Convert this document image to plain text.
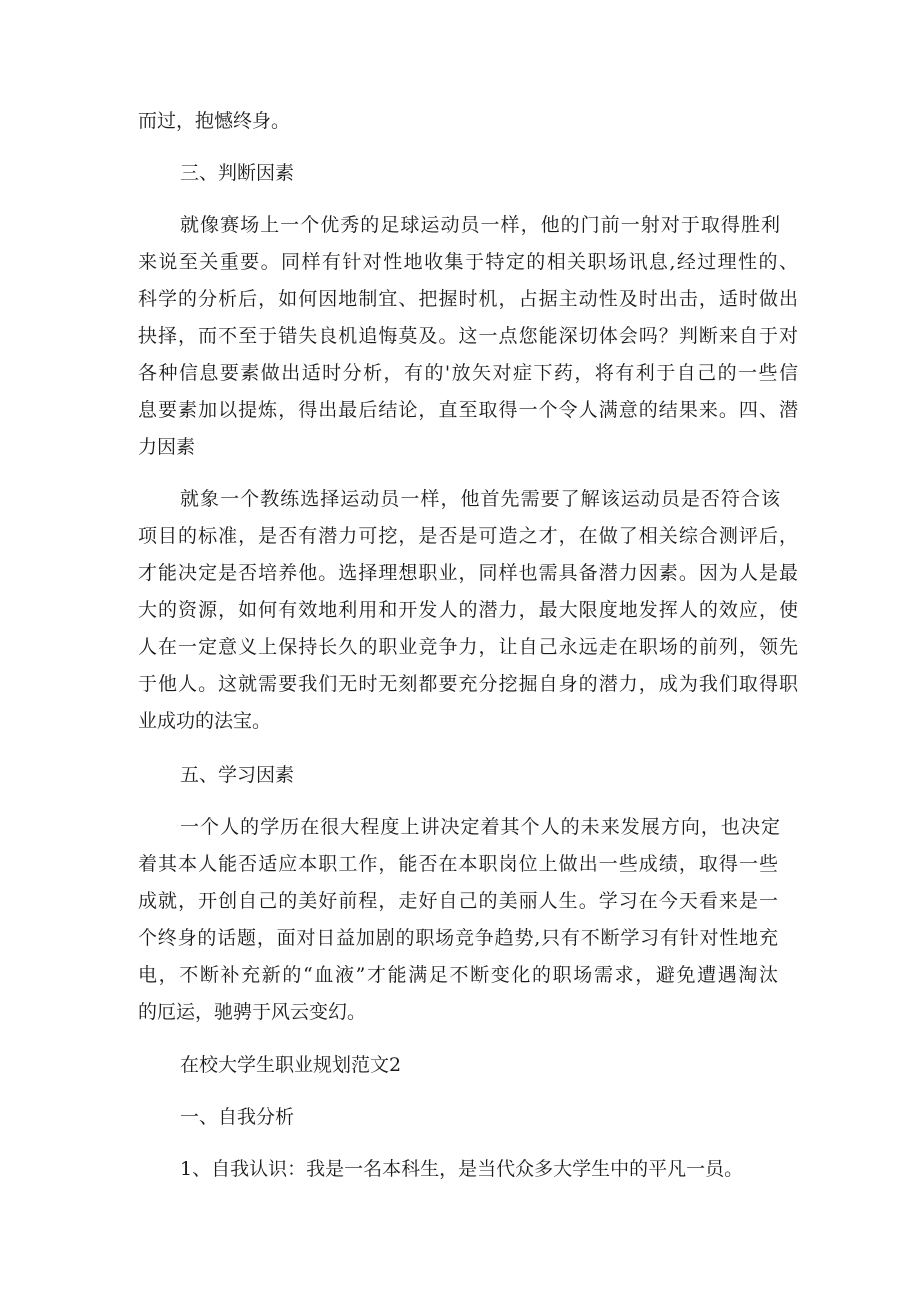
而过，抱憾终身。
三、判断因素
就像赛场上一个优秀的足球运动员一样，他的门前一射对于取得胜利
来说至关重要。同样有针对性地收集于特定的相关职场讯息,经过理性的、
科学的分析后，如何因地制宜、把握时机，占据主动性及时出击，适时做出
抉择，而不至于错失良机追悔莫及。这一点您能深切体会吗？判断来自于对
各种信息要素做出适时分析，有的'放矢对症下药，将有利于自己的一些信
息要素加以提炼，得出最后结论，直至取得一个令人满意的结果来。四、潜
力因素
就象一个教练选择运动员一样，他首先需要了解该运动员是否符合该
项目的标准，是否有潜力可挖，是否是可造之才，在做了相关综合测评后，
才能决定是否培养他。选择理想职业，同样也需具备潜力因素。因为人是最
大的资源，如何有效地利用和开发人的潜力，最大限度地发挥人的效应，使
人在一定意义上保持长久的职业竞争力，让自己永远走在职场的前列，领先
于他人。这就需要我们无时无刻都要充分挖掘自身的潜力，成为我们取得职
业成功的法宝。
五、学习因素
一个人的学历在很大程度上讲决定着其个人的未来发展方向，也决定
着其本人能否适应本职工作，能否在本职岗位上做出一些成绩，取得一些
成就，开创自己的美好前程，走好自己的美丽人生。学习在今天看来是一
个终身的话题，面对日益加剧的职场竞争趋势,只有不断学习有针对性地充
电，不断补充新的“血液”才能满足不断变化的职场需求，避免遭遇淘汰
的厄运，驰骋于风云变幻。
在校大学生职业规划范文2
一、自我分析
1、自我认识：我是一名本科生，是当代众多大学生中的平凡一员。
